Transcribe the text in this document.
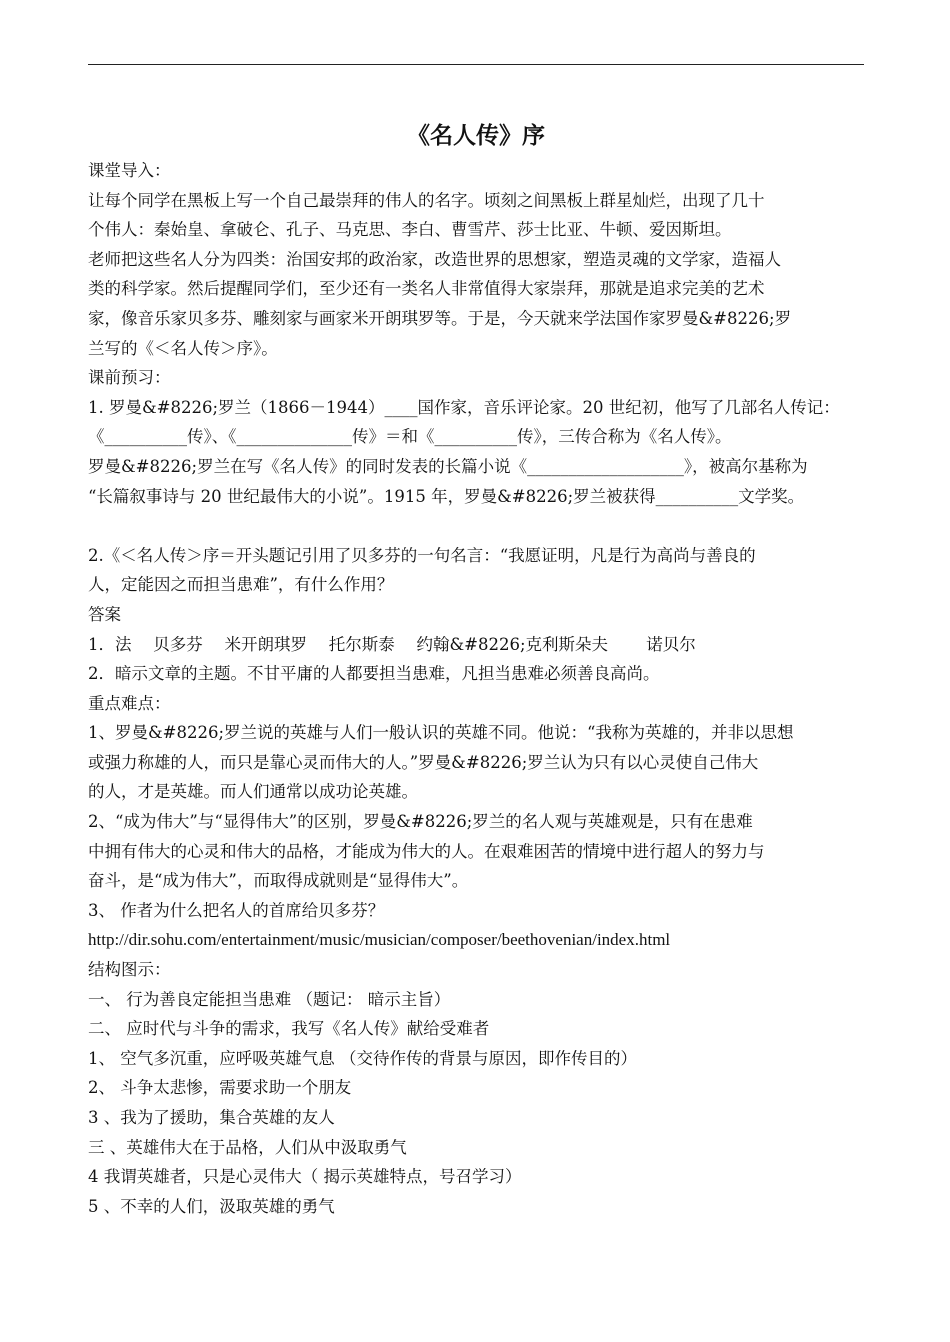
《名人传》序

课堂导入：

让每个同学在黑板上写一个自己最崇拜的伟人的名字。顷刻之间黑板上群星灿烂，出现了几十

个伟人：秦始皇、拿破仑、孔子、马克思、李白、曹雪芹、莎士比亚、牛顿、爱因斯坦。

老师把这些名人分为四类：治国安邦的政治家，改造世界的思想家，塑造灵魂的文学家，造福人

类的科学家。然后提醒同学们，至少还有一类名人非常值得大家崇拜，那就是追求完美的艺术

家，像音乐家贝多芬、雕刻家与画家米开朗琪罗等。于是，今天就来学法国作家罗曼&#8226;罗

兰写的《＜名人传＞序》。

课前预习：

1. 罗曼&#8226;罗兰（1866－1944）____国作家，音乐评论家。20 世纪初，他写了几部名人传记：

《__________传》、《______________传》＝和《__________传》，三传合称为《名人传》。

罗曼&#8226;罗兰在写《名人传》的同时发表的长篇小说《___________________》，被高尔基称为

“长篇叙事诗与 20 世纪最伟大的小说”。1915 年，罗曼&#8226;罗兰被获得__________文学奖。

2.《＜名人传＞序＝开头题记引用了贝多芬的一句名言：“我愿证明，凡是行为高尚与善良的

人，定能因之而担当患难”，有什么作用？

答案

1．法　 贝多芬　 米开朗琪罗　 托尔斯泰　 约翰&#8226;克利斯朵夫　　 诺贝尔

2．暗示文章的主题。不甘平庸的人都要担当患难，凡担当患难必须善良高尚。

重点难点：

1、罗曼&#8226;罗兰说的英雄与人们一般认识的英雄不同。他说：“我称为英雄的，并非以思想

或强力称雄的人，而只是靠心灵而伟大的人。”罗曼&#8226;罗兰认为只有以心灵使自己伟大

的人，才是英雄。而人们通常以成功论英雄。

2、“成为伟大”与“显得伟大”的区别，罗曼&#8226;罗兰的名人观与英雄观是，只有在患难

中拥有伟大的心灵和伟大的品格，才能成为伟大的人。在艰难困苦的情境中进行超人的努力与

奋斗，是“成为伟大”，而取得成就则是“显得伟大”。

3、 作者为什么把名人的首席给贝多芬？

http://dir.sohu.com/entertainment/music/musician/composer/beethovenian/index.html

结构图示：

一、 行为善良定能担当患难 （题记： 暗示主旨）

二、 应时代与斗争的需求，我写《名人传》献给受难者

1、 空气多沉重，应呼吸英雄气息 （交待作传的背景与原因，即作传目的）

2、 斗争太悲惨，需要求助一个朋友

3 、我为了援助，集合英雄的友人

三 、英雄伟大在于品格，人们从中汲取勇气

4 我谓英雄者，只是心灵伟大（ 揭示英雄特点，号召学习）

5 、不幸的人们，汲取英雄的勇气
